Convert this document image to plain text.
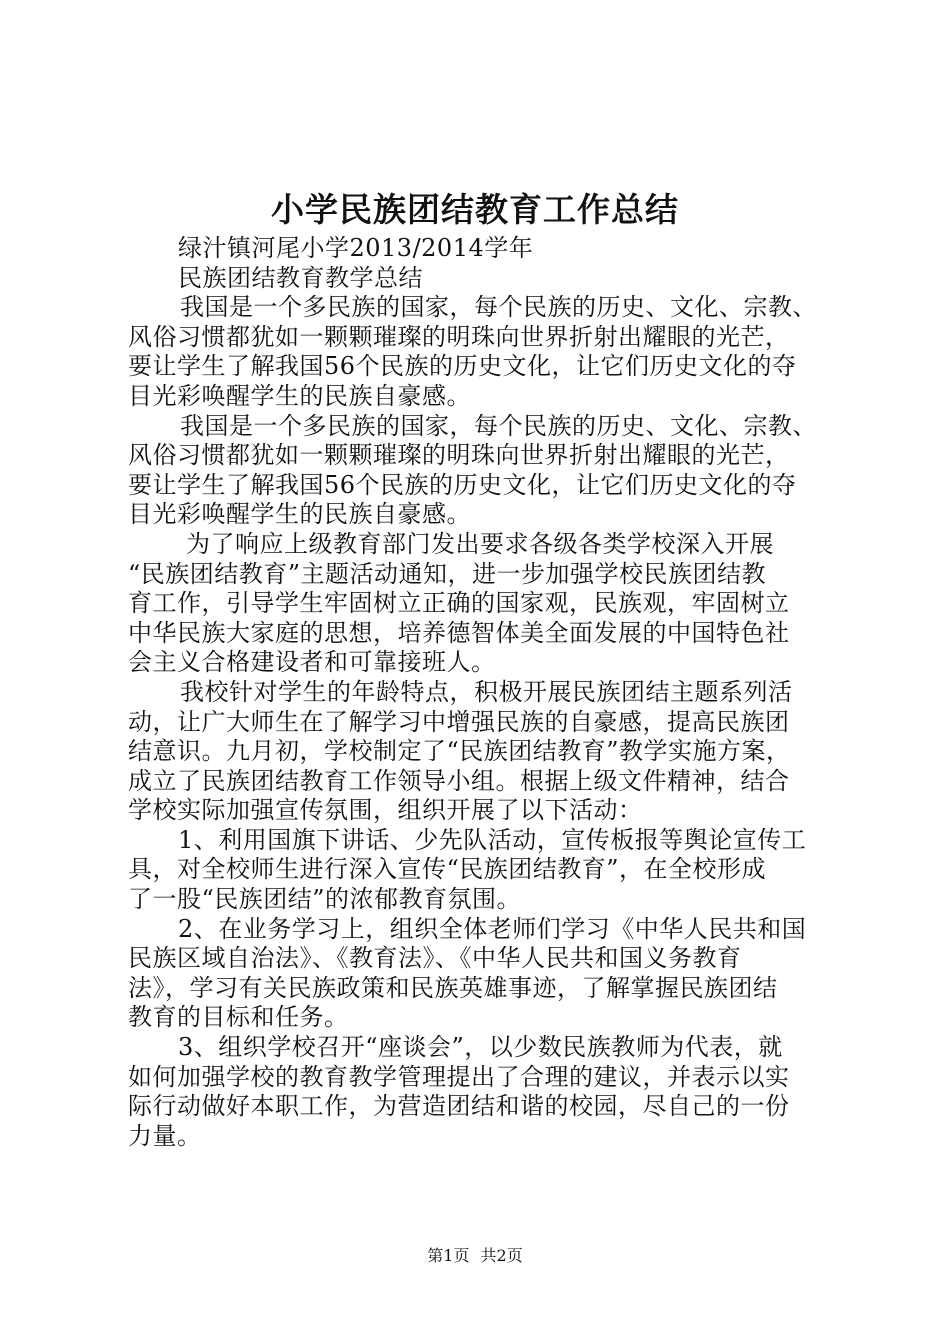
小学民族团结教育工作总结
绿汁镇河尾小学2013/2014学年
民族团结教育教学总结
我国是一个多民族的国家，每个民族的历史、文化、宗教、
风俗习惯都犹如一颗颗璀璨的明珠向世界折射出耀眼的光芒，
要让学生了解我国56个民族的历史文化，让它们历史文化的夺
目光彩唤醒学生的民族自豪感。
我国是一个多民族的国家，每个民族的历史、文化、宗教、
风俗习惯都犹如一颗颗璀璨的明珠向世界折射出耀眼的光芒，
要让学生了解我国56个民族的历史文化，让它们历史文化的夺
目光彩唤醒学生的民族自豪感。
为了响应上级教育部门发出要求各级各类学校深入开展
“民族团结教育”主题活动通知，进一步加强学校民族团结教
育工作，引导学生牢固树立正确的国家观，民族观，牢固树立
中华民族大家庭的思想，培养德智体美全面发展的中国特色社
会主义合格建设者和可靠接班人。
我校针对学生的年龄特点，积极开展民族团结主题系列活
动，让广大师生在了解学习中增强民族的自豪感，提高民族团
结意识。九月初，学校制定了“民族团结教育”教学实施方案，
成立了民族团结教育工作领导小组。根据上级文件精神，结合
学校实际加强宣传氛围，组织开展了以下活动：
1、利用国旗下讲话、少先队活动，宣传板报等舆论宣传工
具，对全校师生进行深入宣传“民族团结教育”，在全校形成
了一股“民族团结”的浓郁教育氛围。
2、在业务学习上，组织全体老师们学习《中华人民共和国
民族区域自治法》、《教育法》、《中华人民共和国义务教育
法》，学习有关民族政策和民族英雄事迹，了解掌握民族团结
教育的目标和任务。
3、组织学校召开“座谈会”，以少数民族教师为代表，就
如何加强学校的教育教学管理提出了合理的建议，并表示以实
际行动做好本职工作，为营造团结和谐的校园，尽自己的一份
力量。
第1页 共2页
